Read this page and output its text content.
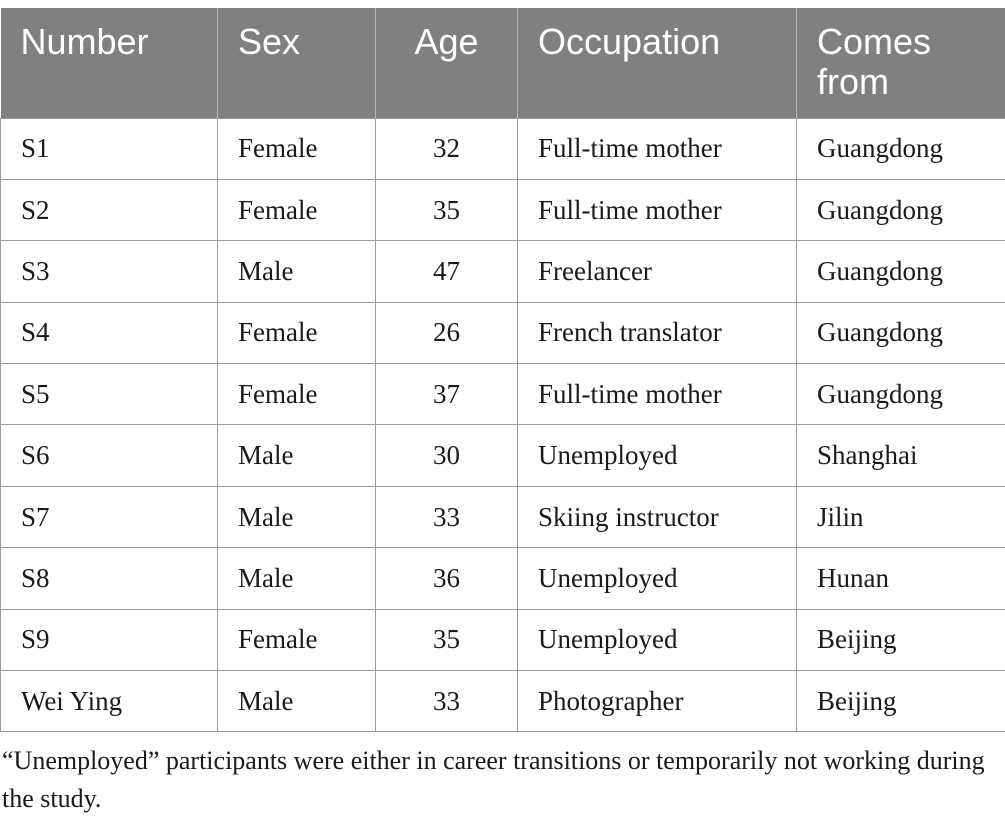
Number	Sex	Age	Occupation	Comes from
S1	Female	32	Full-time mother	Guangdong
S2	Female	35	Full-time mother	Guangdong
S3	Male	47	Freelancer	Guangdong
S4	Female	26	French translator	Guangdong
S5	Female	37	Full-time mother	Guangdong
S6	Male	30	Unemployed	Shanghai
S7	Male	33	Skiing instructor	Jilin
S8	Male	36	Unemployed	Hunan
S9	Female	35	Unemployed	Beijing
Wei Ying	Male	33	Photographer	Beijing
“Unemployed” participants were either in career transitions or temporarily not working during the study.
